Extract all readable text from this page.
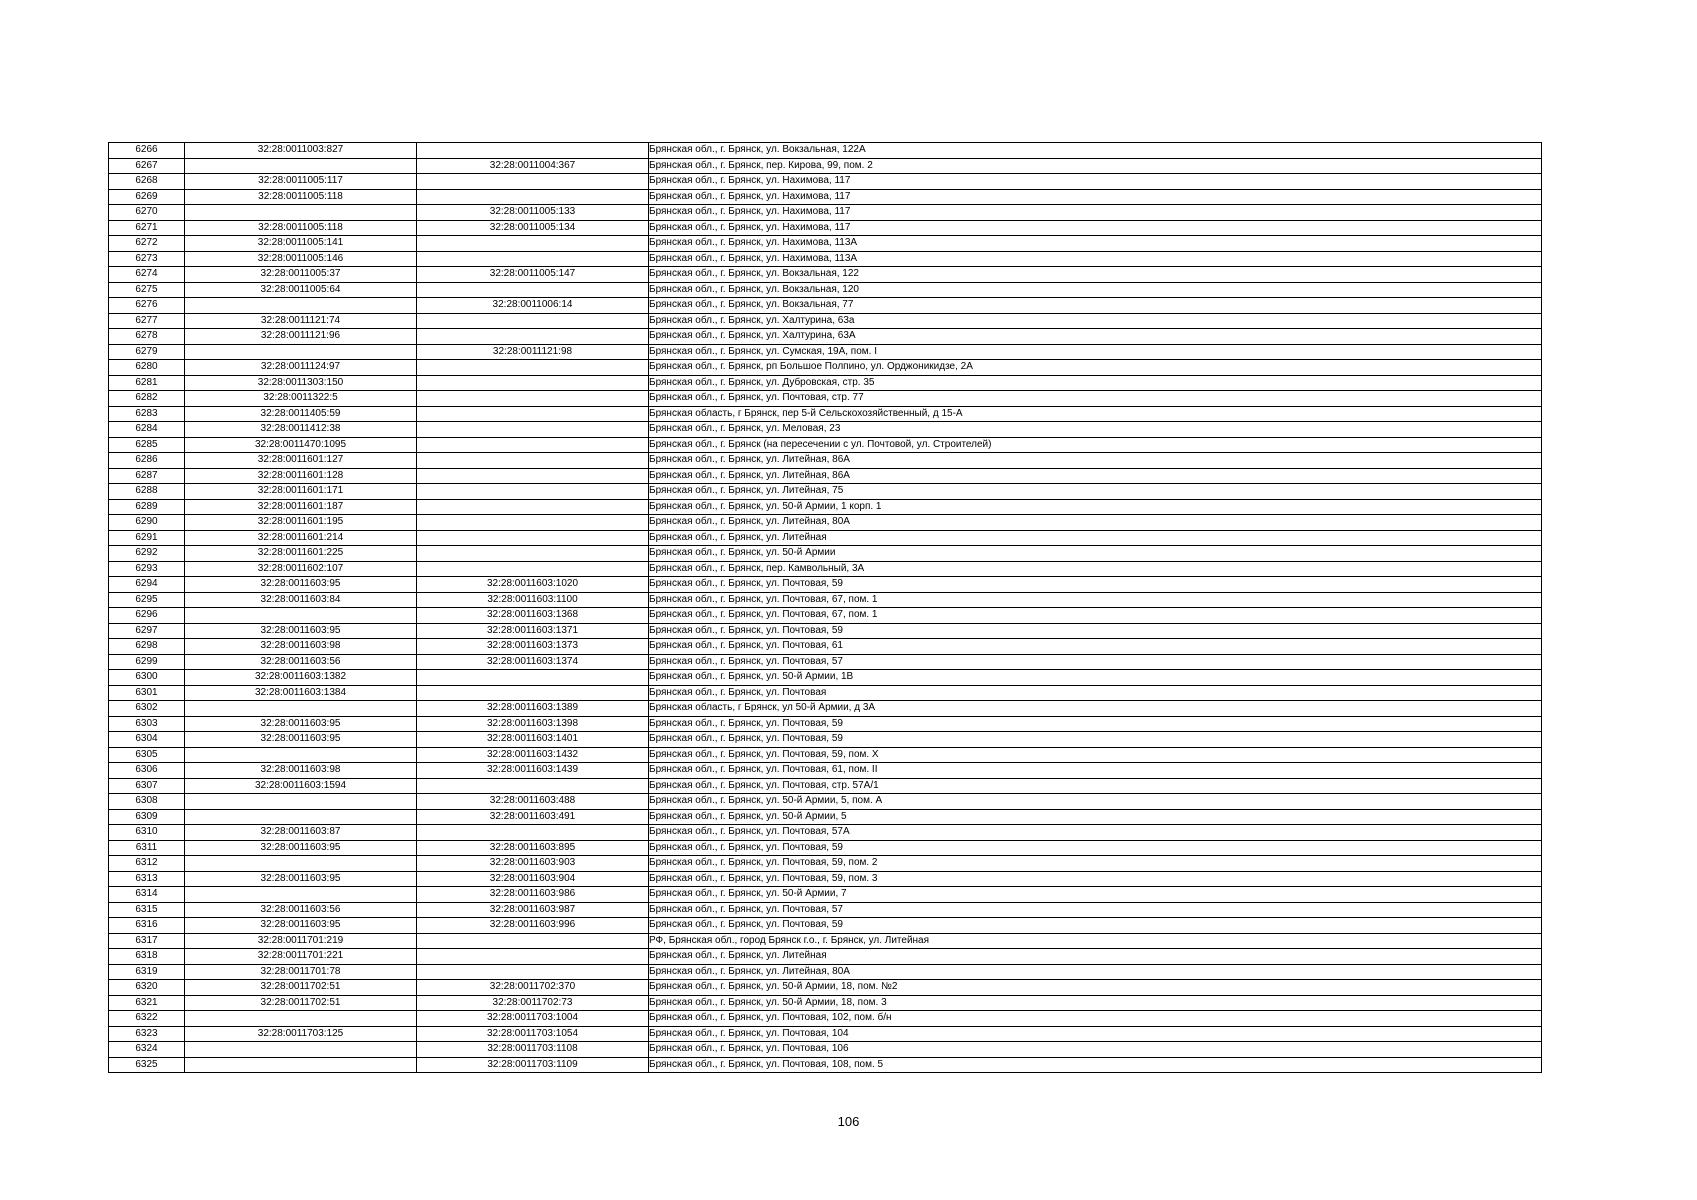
6266	32:28:0011003:827		Брянская обл., г. Брянск, ул. Вокзальная, 122А
6267		32:28:0011004:367	Брянская обл., г. Брянск, пер. Кирова, 99, пом. 2
6268	32:28:0011005:117		Брянская обл., г. Брянск, ул. Нахимова, 117
6269	32:28:0011005:118		Брянская обл., г. Брянск, ул. Нахимова, 117
6270		32:28:0011005:133	Брянская обл., г. Брянск, ул. Нахимова, 117
6271	32:28:0011005:118	32:28:0011005:134	Брянская обл., г. Брянск, ул. Нахимова, 117
6272	32:28:0011005:141		Брянская обл., г. Брянск, ул. Нахимова, 113А
6273	32:28:0011005:146		Брянская обл., г. Брянск, ул. Нахимова, 113А
6274	32:28:0011005:37	32:28:0011005:147	Брянская обл., г. Брянск, ул. Вокзальная, 122
6275	32:28:0011005:64		Брянская обл., г. Брянск, ул. Вокзальная, 120
6276		32:28:0011006:14	Брянская обл., г. Брянск, ул. Вокзальная, 77
6277	32:28:0011121:74		Брянская обл., г. Брянск, ул. Халтурина, 63а
6278	32:28:0011121:96		Брянская обл., г. Брянск, ул. Халтурина, 63А
6279		32:28:0011121:98	Брянская обл., г. Брянск, ул. Сумская, 19А, пом. I
6280	32:28:0011124:97		Брянская обл., г. Брянск, рп Большое Полпино, ул. Орджоникидзе, 2А
6281	32:28:0011303:150		Брянская обл., г. Брянск, ул. Дубровская, стр. 35
6282	32:28:0011322:5		Брянская обл., г. Брянск, ул. Почтовая, стр. 77
6283	32:28:0011405:59		Брянская область, г Брянск, пер 5-й Сельскохозяйственный, д 15-А
6284	32:28:0011412:38		Брянская обл., г. Брянск, ул. Меловая, 23
6285	32:28:0011470:1095		Брянская обл., г. Брянск (на пересечении с ул. Почтовой, ул. Строителей)
6286	32:28:0011601:127		Брянская обл., г. Брянск, ул. Литейная, 86А
6287	32:28:0011601:128		Брянская обл., г. Брянск, ул. Литейная, 86А
6288	32:28:0011601:171		Брянская обл., г. Брянск, ул. Литейная, 75
6289	32:28:0011601:187		Брянская обл., г. Брянск, ул. 50-й Армии, 1 корп. 1
6290	32:28:0011601:195		Брянская обл., г. Брянск, ул. Литейная, 80А
6291	32:28:0011601:214		Брянская обл., г. Брянск, ул. Литейная
6292	32:28:0011601:225		Брянская обл., г. Брянск, ул. 50-й Армии
6293	32:28:0011602:107		Брянская обл., г. Брянск, пер. Камвольный, 3А
6294	32:28:0011603:95	32:28:0011603:1020	Брянская обл., г. Брянск, ул. Почтовая, 59
6295	32:28:0011603:84	32:28:0011603:1100	Брянская обл., г. Брянск, ул. Почтовая, 67, пом. 1
6296		32:28:0011603:1368	Брянская обл., г. Брянск, ул. Почтовая, 67, пом. 1
6297	32:28:0011603:95	32:28:0011603:1371	Брянская обл., г. Брянск, ул. Почтовая, 59
6298	32:28:0011603:98	32:28:0011603:1373	Брянская обл., г. Брянск, ул. Почтовая, 61
6299	32:28:0011603:56	32:28:0011603:1374	Брянская обл., г. Брянск, ул. Почтовая, 57
6300	32:28:0011603:1382		Брянская обл., г. Брянск, ул. 50-й Армии, 1В
6301	32:28:0011603:1384		Брянская обл., г. Брянск, ул. Почтовая
6302		32:28:0011603:1389	Брянская область, г Брянск, ул 50-й Армии, д 3А
6303	32:28:0011603:95	32:28:0011603:1398	Брянская обл., г. Брянск, ул. Почтовая, 59
6304	32:28:0011603:95	32:28:0011603:1401	Брянская обл., г. Брянск, ул. Почтовая, 59
6305		32:28:0011603:1432	Брянская обл., г. Брянск, ул. Почтовая, 59, пом. X
6306	32:28:0011603:98	32:28:0011603:1439	Брянская обл., г. Брянск, ул. Почтовая, 61, пом. II
6307	32:28:0011603:1594		Брянская обл., г. Брянск, ул. Почтовая, стр. 57А/1
6308		32:28:0011603:488	Брянская обл., г. Брянск, ул. 50-й Армии, 5, пом. А
6309		32:28:0011603:491	Брянская обл., г. Брянск, ул. 50-й Армии, 5
6310	32:28:0011603:87		Брянская обл., г. Брянск, ул. Почтовая, 57А
6311	32:28:0011603:95	32:28:0011603:895	Брянская обл., г. Брянск, ул. Почтовая, 59
6312		32:28:0011603:903	Брянская обл., г. Брянск, ул. Почтовая, 59, пом. 2
6313	32:28:0011603:95	32:28:0011603:904	Брянская обл., г. Брянск, ул. Почтовая, 59, пом. 3
6314		32:28:0011603:986	Брянская обл., г. Брянск, ул. 50-й Армии, 7
6315	32:28:0011603:56	32:28:0011603:987	Брянская обл., г. Брянск, ул. Почтовая, 57
6316	32:28:0011603:95	32:28:0011603:996	Брянская обл., г. Брянск, ул. Почтовая, 59
6317	32:28:0011701:219		РФ, Брянская обл., город Брянск г.о., г. Брянск, ул. Литейная
6318	32:28:0011701:221		Брянская обл., г. Брянск, ул. Литейная
6319	32:28:0011701:78		Брянская обл., г. Брянск, ул. Литейная, 80А
6320	32:28:0011702:51	32:28:0011702:370	Брянская обл., г. Брянск, ул. 50-й Армии, 18, пом. №2
6321	32:28:0011702:51	32:28:0011702:73	Брянская обл., г. Брянск, ул. 50-й Армии, 18, пом. 3
6322		32:28:0011703:1004	Брянская обл., г. Брянск, ул. Почтовая, 102, пом. б/н
6323	32:28:0011703:125	32:28:0011703:1054	Брянская обл., г. Брянск, ул. Почтовая, 104
6324		32:28:0011703:1108	Брянская обл., г. Брянск, ул. Почтовая, 106
6325		32:28:0011703:1109	Брянская обл., г. Брянск, ул. Почтовая, 108, пом. 5
106
